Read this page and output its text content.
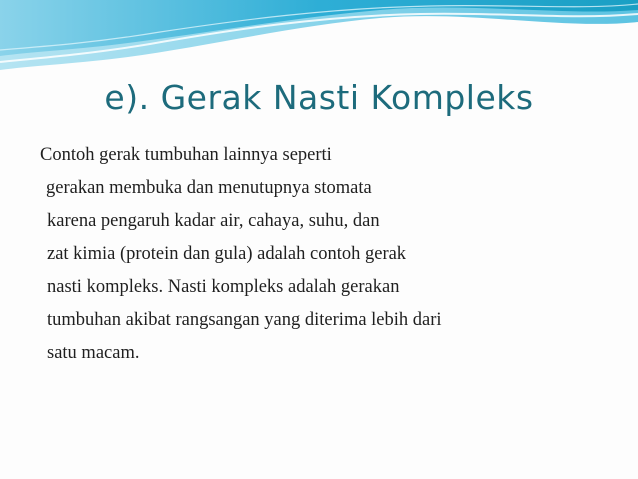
e). Gerak Nasti Kompleks
Contoh gerak tumbuhan lainnya seperti
gerakan membuka dan menutupnya stomata
karena pengaruh kadar air, cahaya, suhu, dan
zat kimia (protein dan gula) adalah contoh gerak
nasti kompleks. Nasti kompleks adalah gerakan
tumbuhan akibat rangsangan yang diterima lebih dari
satu macam.
